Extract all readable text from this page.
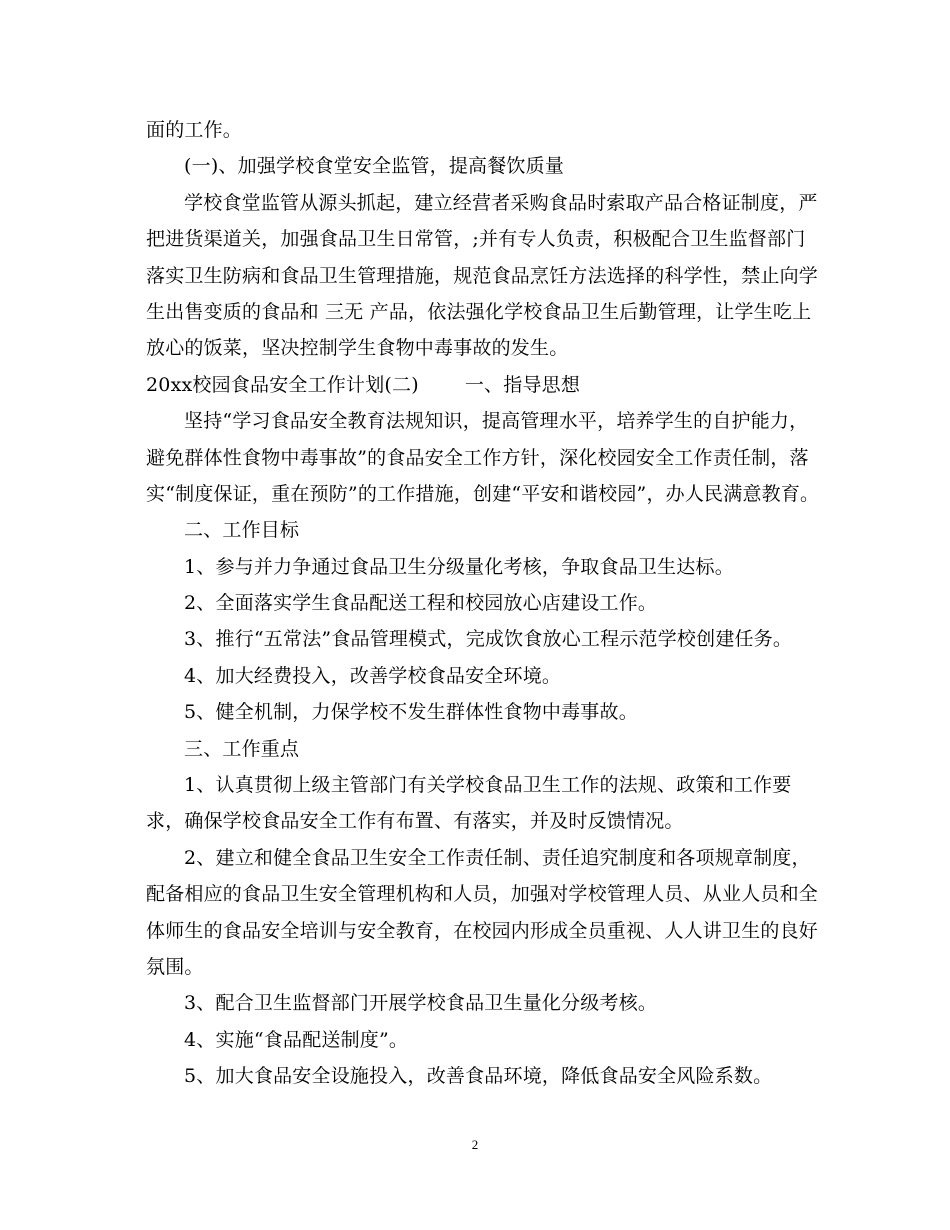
面的工作。
(一)、加强学校食堂安全监管，提高餐饮质量
学校食堂监管从源头抓起，建立经营者采购食品时索取产品合格证制度，严
把进货渠道关，加强食品卫生日常管，;并有专人负责，积极配合卫生监督部门
落实卫生防病和食品卫生管理措施，规范食品烹饪方法选择的科学性，禁止向学
生出售变质的食品和 三无 产品，依法强化学校食品卫生后勤管理，让学生吃上
放心的饭菜，坚决控制学生食物中毒事故的发生。
20xx校园食品安全工作计划(二) 一、指导思想
坚持“学习食品安全教育法规知识，提高管理水平，培养学生的自护能力，
避免群体性食物中毒事故”的食品安全工作方针，深化校园安全工作责任制，落
实“制度保证，重在预防”的工作措施，创建“平安和谐校园”，办人民满意教育。
二、工作目标
1、参与并力争通过食品卫生分级量化考核，争取食品卫生达标。
2、全面落实学生食品配送工程和校园放心店建设工作。
3、推行“五常法”食品管理模式，完成饮食放心工程示范学校创建任务。
4、加大经费投入，改善学校食品安全环境。
5、健全机制，力保学校不发生群体性食物中毒事故。
三、工作重点
1、认真贯彻上级主管部门有关学校食品卫生工作的法规、政策和工作要
求，确保学校食品安全工作有布置、有落实，并及时反馈情况。
2、建立和健全食品卫生安全工作责任制、责任追究制度和各项规章制度，
配备相应的食品卫生安全管理机构和人员，加强对学校管理人员、从业人员和全
体师生的食品安全培训与安全教育，在校园内形成全员重视、人人讲卫生的良好
氛围。
3、配合卫生监督部门开展学校食品卫生量化分级考核。
4、实施“食品配送制度”。
5、加大食品安全设施投入，改善食品环境，降低食品安全风险系数。
2
